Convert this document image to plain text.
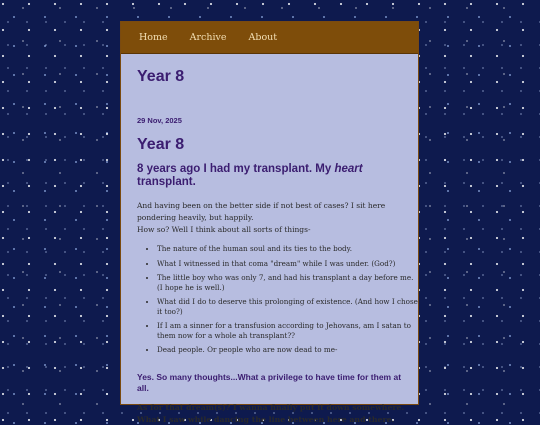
Home Archive About
Year 8
29 Nov, 2025
Year 8
8 years ago I had my transplant. My heart transplant.

And having been on the better side if not best of cases? I sit here pondering heavily, but happily.
How so? Well I think about all sorts of things-

• The nature of the human soul and its ties to the body.
• What I witnessed in that coma "dream" while I was under. (God?)
• The little boy who was only 7, and had his transplant a day before me. (I hope he is well.)
• What did I do to deserve this prolonging of existence. (And how I chose it too?)
• If I am a sinner for a transfusion according to Jehovans, am I satan to them now for a whole ah transplant??
• Dead people. Or people who are now dead to me-
Yes. So many thoughts...What a privilege to have time for them at all.

As for that dream(s)? I wanna finally put it down somewhere. What I saw while dancing the line between here and there.
